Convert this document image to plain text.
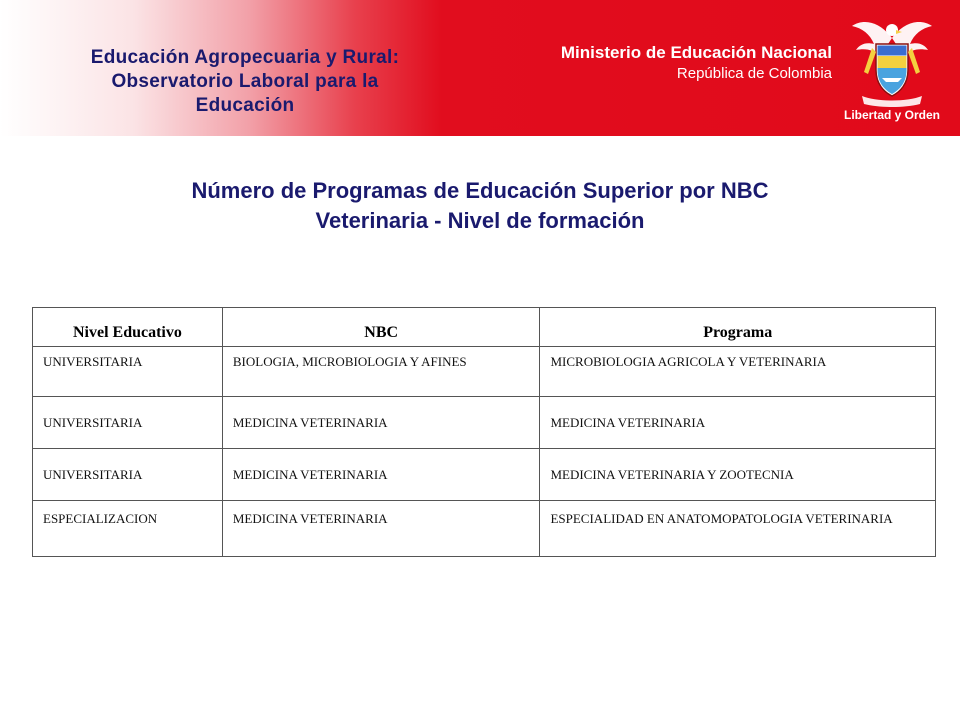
Educación Agropecuaria y Rural:
Observatorio Laboral para la
Educación
Ministerio de Educación Nacional
República de Colombia
Libertad y Orden
Número de Programas de Educación Superior por NBC
Veterinaria - Nivel de formación
Nivel Educativo	NBC	Programa
UNIVERSITARIA	BIOLOGIA, MICROBIOLOGIA Y AFINES	MICROBIOLOGIA AGRICOLA Y VETERINARIA
UNIVERSITARIA	MEDICINA VETERINARIA	MEDICINA VETERINARIA
UNIVERSITARIA	MEDICINA VETERINARIA	MEDICINA VETERINARIA Y ZOOTECNIA
ESPECIALIZACION	MEDICINA VETERINARIA	ESPECIALIDAD EN ANATOMOPATOLOGIA VETERINARIA
